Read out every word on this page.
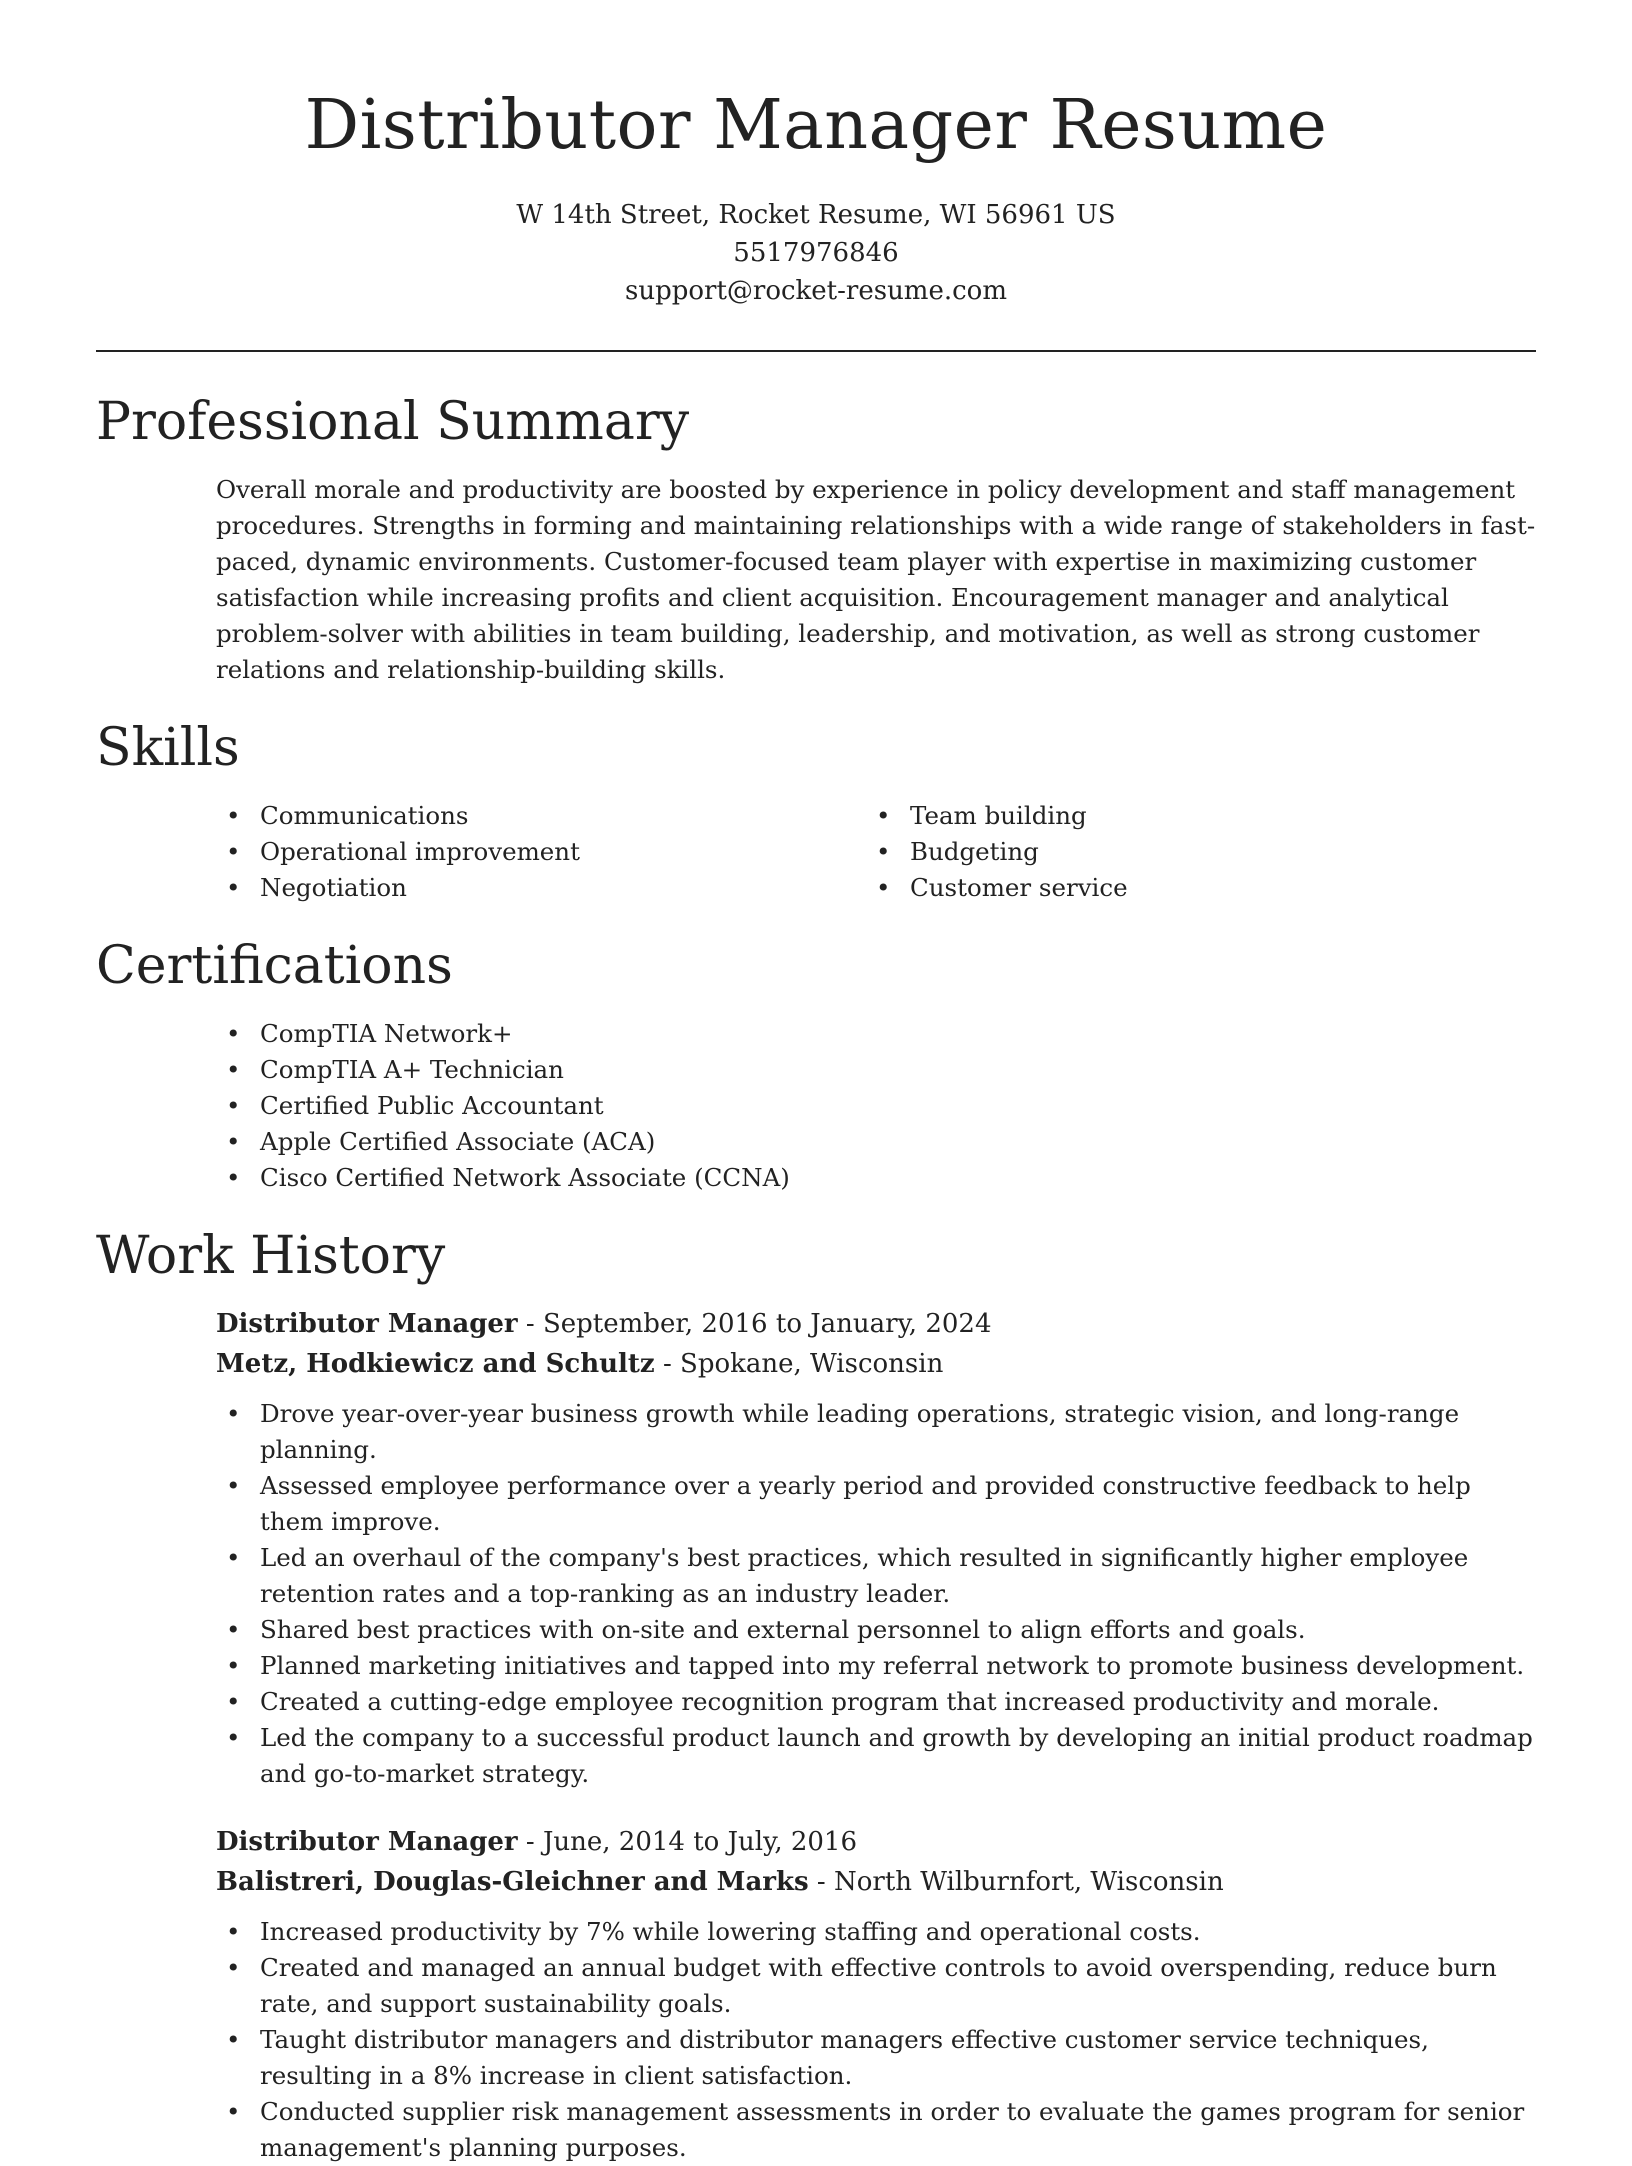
Distributor Manager Resume
W 14th Street, Rocket Resume, WI 56961 US
5517976846
support@rocket-resume.com
Professional Summary
Overall morale and productivity are boosted by experience in policy development and staff management procedures. Strengths in forming and maintaining relationships with a wide range of stakeholders in fast-paced, dynamic environments. Customer-focused team player with expertise in maximizing customer satisfaction while increasing profits and client acquisition. Encouragement manager and analytical problem-solver with abilities in team building, leadership, and motivation, as well as strong customer relations and relationship-building skills.
Skills
• Communications
• Operational improvement
• Negotiation
• Team building
• Budgeting
• Customer service
Certifications
• CompTIA Network+
• CompTIA A+ Technician
• Certified Public Accountant
• Apple Certified Associate (ACA)
• Cisco Certified Network Associate (CCNA)
Work History
Distributor Manager - September, 2016 to January, 2024
Metz, Hodkiewicz and Schultz - Spokane, Wisconsin
• Drove year-over-year business growth while leading operations, strategic vision, and long-range planning.
• Assessed employee performance over a yearly period and provided constructive feedback to help them improve.
• Led an overhaul of the company's best practices, which resulted in significantly higher employee retention rates and a top-ranking as an industry leader.
• Shared best practices with on-site and external personnel to align efforts and goals.
• Planned marketing initiatives and tapped into my referral network to promote business development.
• Created a cutting-edge employee recognition program that increased productivity and morale.
• Led the company to a successful product launch and growth by developing an initial product roadmap and go-to-market strategy.
Distributor Manager - June, 2014 to July, 2016
Balistreri, Douglas-Gleichner and Marks - North Wilburnfort, Wisconsin
• Increased productivity by 7% while lowering staffing and operational costs.
• Created and managed an annual budget with effective controls to avoid overspending, reduce burn rate, and support sustainability goals.
• Taught distributor managers and distributor managers effective customer service techniques, resulting in a 8% increase in client satisfaction.
• Conducted supplier risk management assessments in order to evaluate the games program for senior management's planning purposes.
